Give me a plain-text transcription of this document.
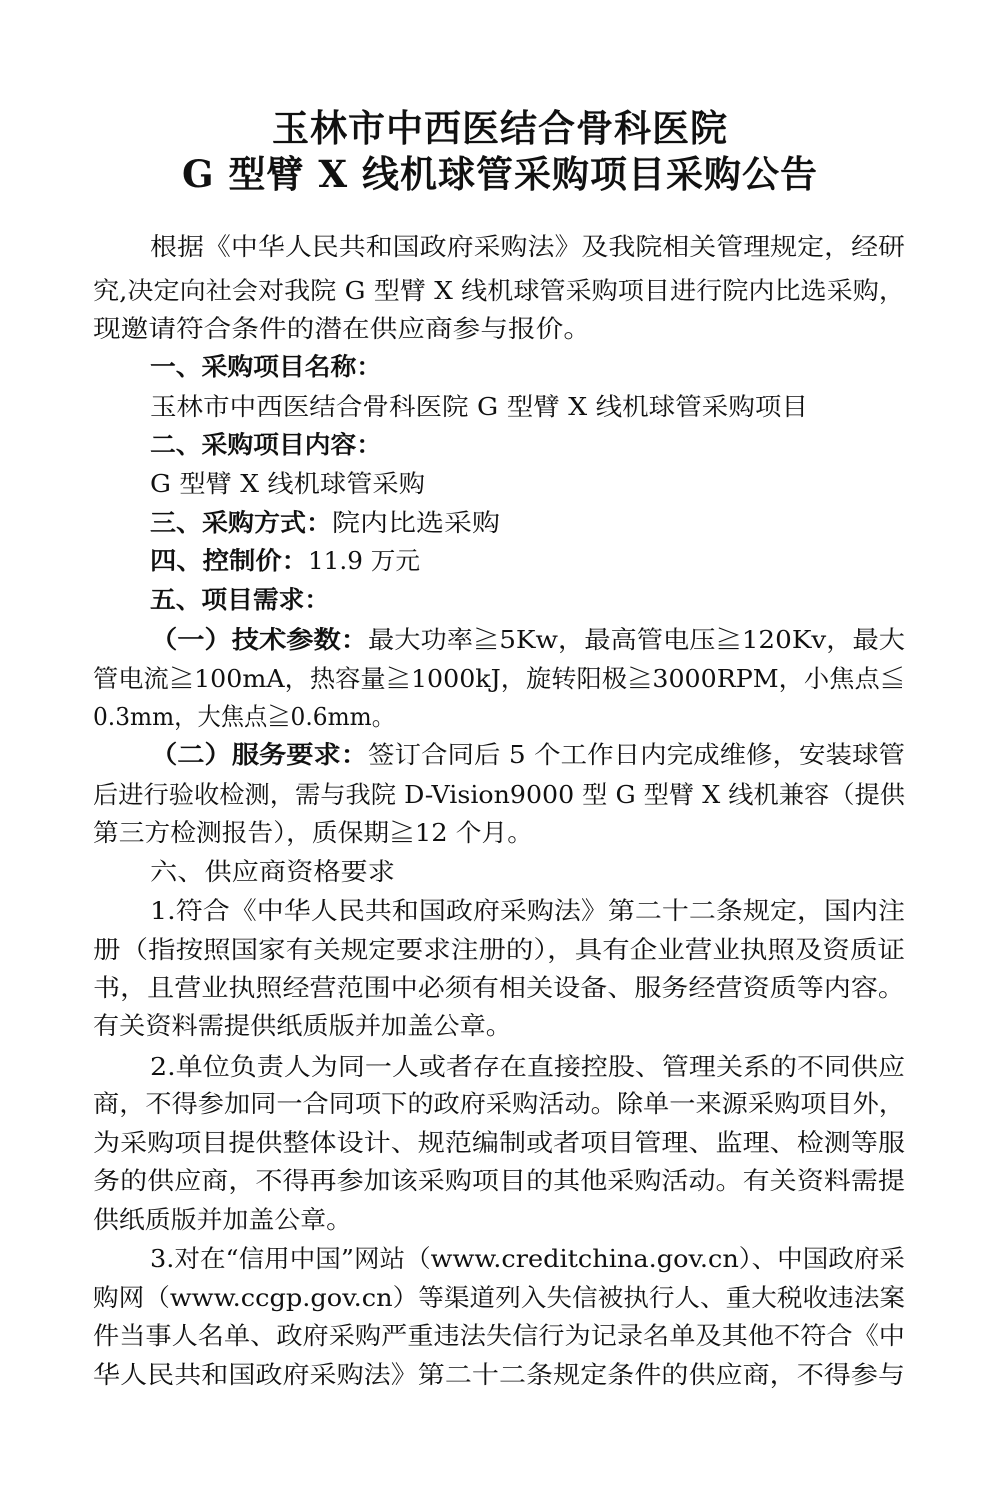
玉林市中西医结合骨科医院
G 型臂 X 线机球管采购项目采购公告
根据《中华人民共和国政府采购法》及我院相关管理规定，经研
究,决定向社会对我院 G 型臂 X 线机球管采购项目进行院内比选采购，
现邀请符合条件的潜在供应商参与报价。
一、采购项目名称：
玉林市中西医结合骨科医院 G 型臂 X 线机球管采购项目
二、采购项目内容：
G 型臂 X 线机球管采购
三、采购方式： 院内比选采购
四、控制价： 11.9 万元
五、项目需求：
（一）技术参数： 最大功率≧5Kw，最高管电压≧120Kv，最大
管电流≧100mA，热容量≧1000kJ，旋转阳极≧3000RPM，小焦点≦
0.3mm，大焦点≧0.6mm。
（二）服务要求： 签订合同后 5 个工作日内完成维修，安装球管
后进行验收检测，需与我院 D-Vision9000 型 G 型臂 X 线机兼容（提供
第三方检测报告），质保期≧12 个月。
六、供应商资格要求
1.符合《中华人民共和国政府采购法》第二十二条规定，国内注
册（指按照国家有关规定要求注册的），具有企业营业执照及资质证
书，且营业执照经营范围中必须有相关设备、服务经营资质等内容。
有关资料需提供纸质版并加盖公章。
2.单位负责人为同一人或者存在直接控股、管理关系的不同供应
商，不得参加同一合同项下的政府采购活动。除单一来源采购项目外，
为采购项目提供整体设计、规范编制或者项目管理、监理、检测等服
务的供应商，不得再参加该采购项目的其他采购活动。有关资料需提
供纸质版并加盖公章。
3.对在“信用中国”网站（www.creditchina.gov.cn）、中国政府采
购网（www.ccgp.gov.cn）等渠道列入失信被执行人、重大税收违法案
件当事人名单、政府采购严重违法失信行为记录名单及其他不符合《中
华人民共和国政府采购法》第二十二条规定条件的供应商，不得参与
